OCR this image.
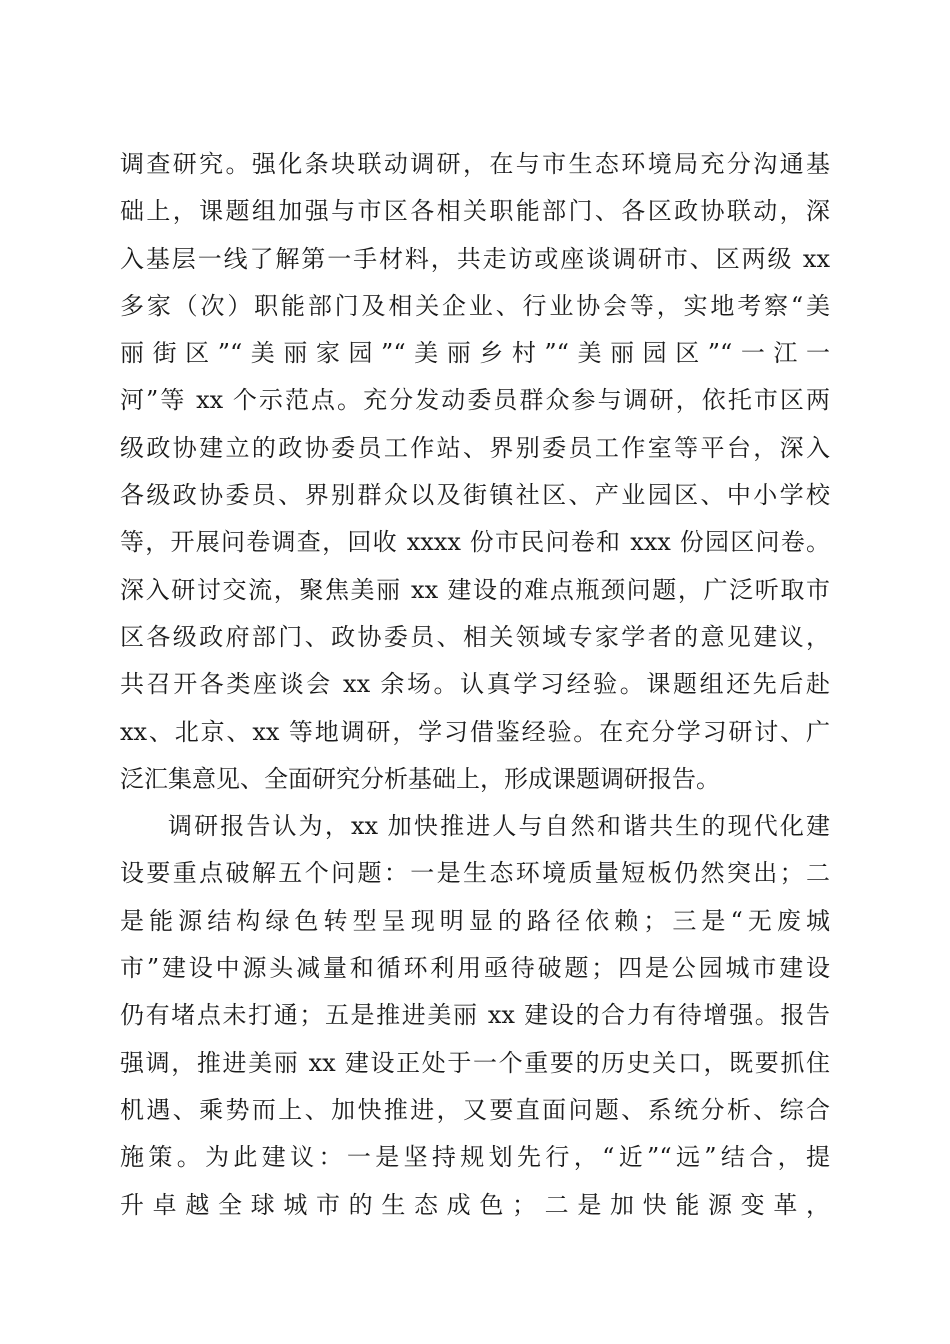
调查研究。强化条块联动调研，在与市生态环境局充分沟通基
础上，课题组加强与市区各相关职能部门、各区政协联动，深
入基层一线了解第一手材料，共走访或座谈调研市、区两级 xx
多家（次）职能部门及相关企业、行业协会等，实地考察“美
丽街区”“美丽家园”“美丽乡村”“美丽园区”“一江一
河”等 xx 个示范点。充分发动委员群众参与调研，依托市区两
级政协建立的政协委员工作站、界别委员工作室等平台，深入
各级政协委员、界别群众以及街镇社区、产业园区、中小学校
等，开展问卷调查，回收 xxxx 份市民问卷和 xxx 份园区问卷。
深入研讨交流，聚焦美丽 xx 建设的难点瓶颈问题，广泛听取市
区各级政府部门、政协委员、相关领域专家学者的意见建议，
共召开各类座谈会 xx 余场。认真学习经验。课题组还先后赴
xx、北京、xx 等地调研，学习借鉴经验。在充分学习研讨、广
泛汇集意见、全面研究分析基础上，形成课题调研报告。
调研报告认为，xx 加快推进人与自然和谐共生的现代化建
设要重点破解五个问题：一是生态环境质量短板仍然突出；二
是能源结构绿色转型呈现明显的路径依赖；三是“无废城
市”建设中源头减量和循环利用亟待破题；四是公园城市建设
仍有堵点未打通；五是推进美丽 xx 建设的合力有待增强。报告
强调，推进美丽 xx 建设正处于一个重要的历史关口，既要抓住
机遇、乘势而上、加快推进，又要直面问题、系统分析、综合
施策。为此建议：一是坚持规划先行，“近”“远”结合，提
升卓越全球城市的生态成色；二是加快能源变革，
